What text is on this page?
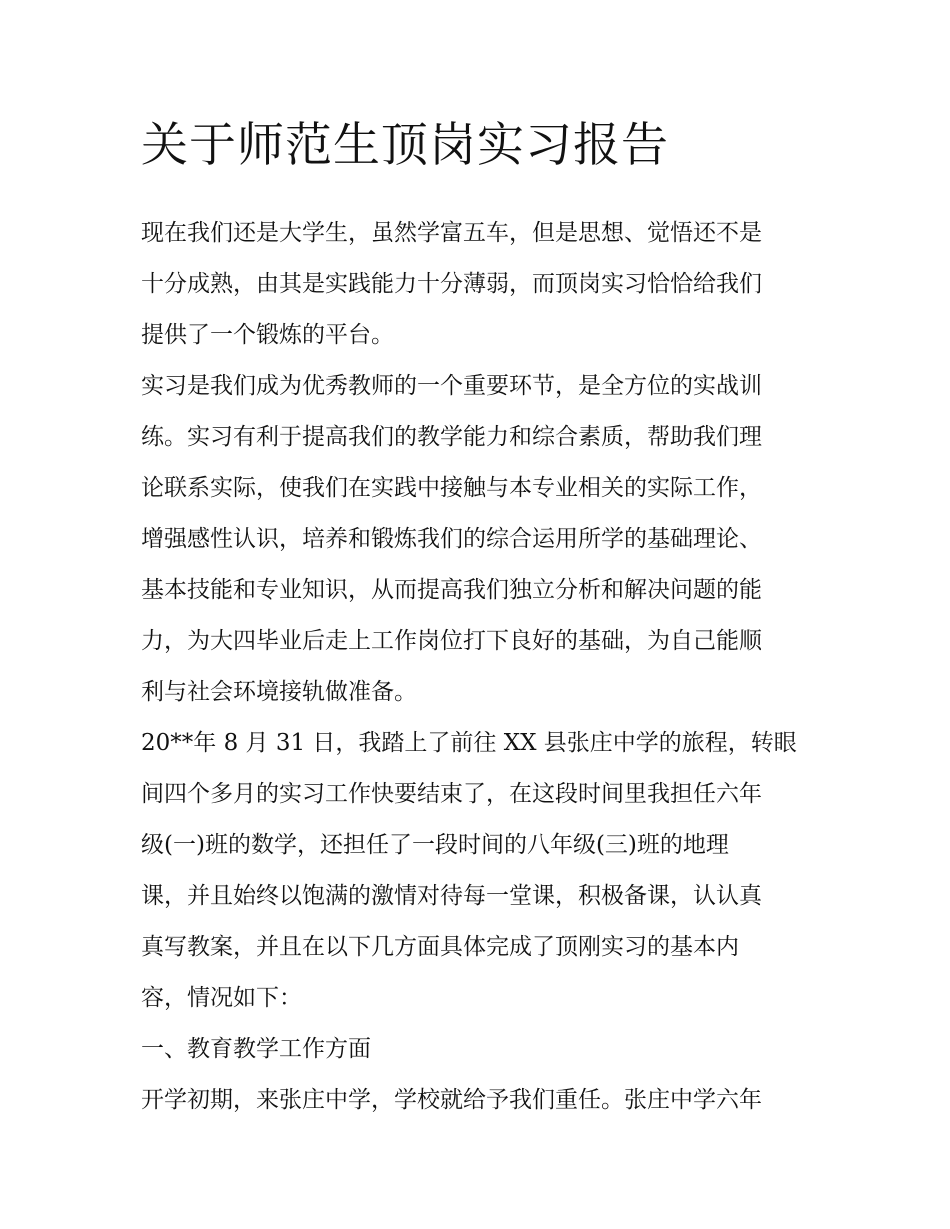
关于师范生顶岗实习报告

现在我们还是大学生，虽然学富五车，但是思想、觉悟还不是
十分成熟，由其是实践能力十分薄弱，而顶岗实习恰恰给我们
提供了一个锻炼的平台。

实习是我们成为优秀教师的一个重要环节，是全方位的实战训
练。实习有利于提高我们的教学能力和综合素质，帮助我们理
论联系实际，使我们在实践中接触与本专业相关的实际工作，
增强感性认识，培养和锻炼我们的综合运用所学的基础理论、
基本技能和专业知识，从而提高我们独立分析和解决问题的能
力，为大四毕业后走上工作岗位打下良好的基础，为自己能顺
利与社会环境接轨做准备。

20**年 8 月 31 日，我踏上了前往 XX 县张庄中学的旅程，转眼
间四个多月的实习工作快要结束了，在这段时间里我担任六年
级(一)班的数学，还担任了一段时间的八年级(三)班的地理
课，并且始终以饱满的激情对待每一堂课，积极备课，认认真
真写教案，并且在以下几方面具体完成了顶刚实习的基本内
容，情况如下：

一、教育教学工作方面

开学初期，来张庄中学，学校就给予我们重任。张庄中学六年
